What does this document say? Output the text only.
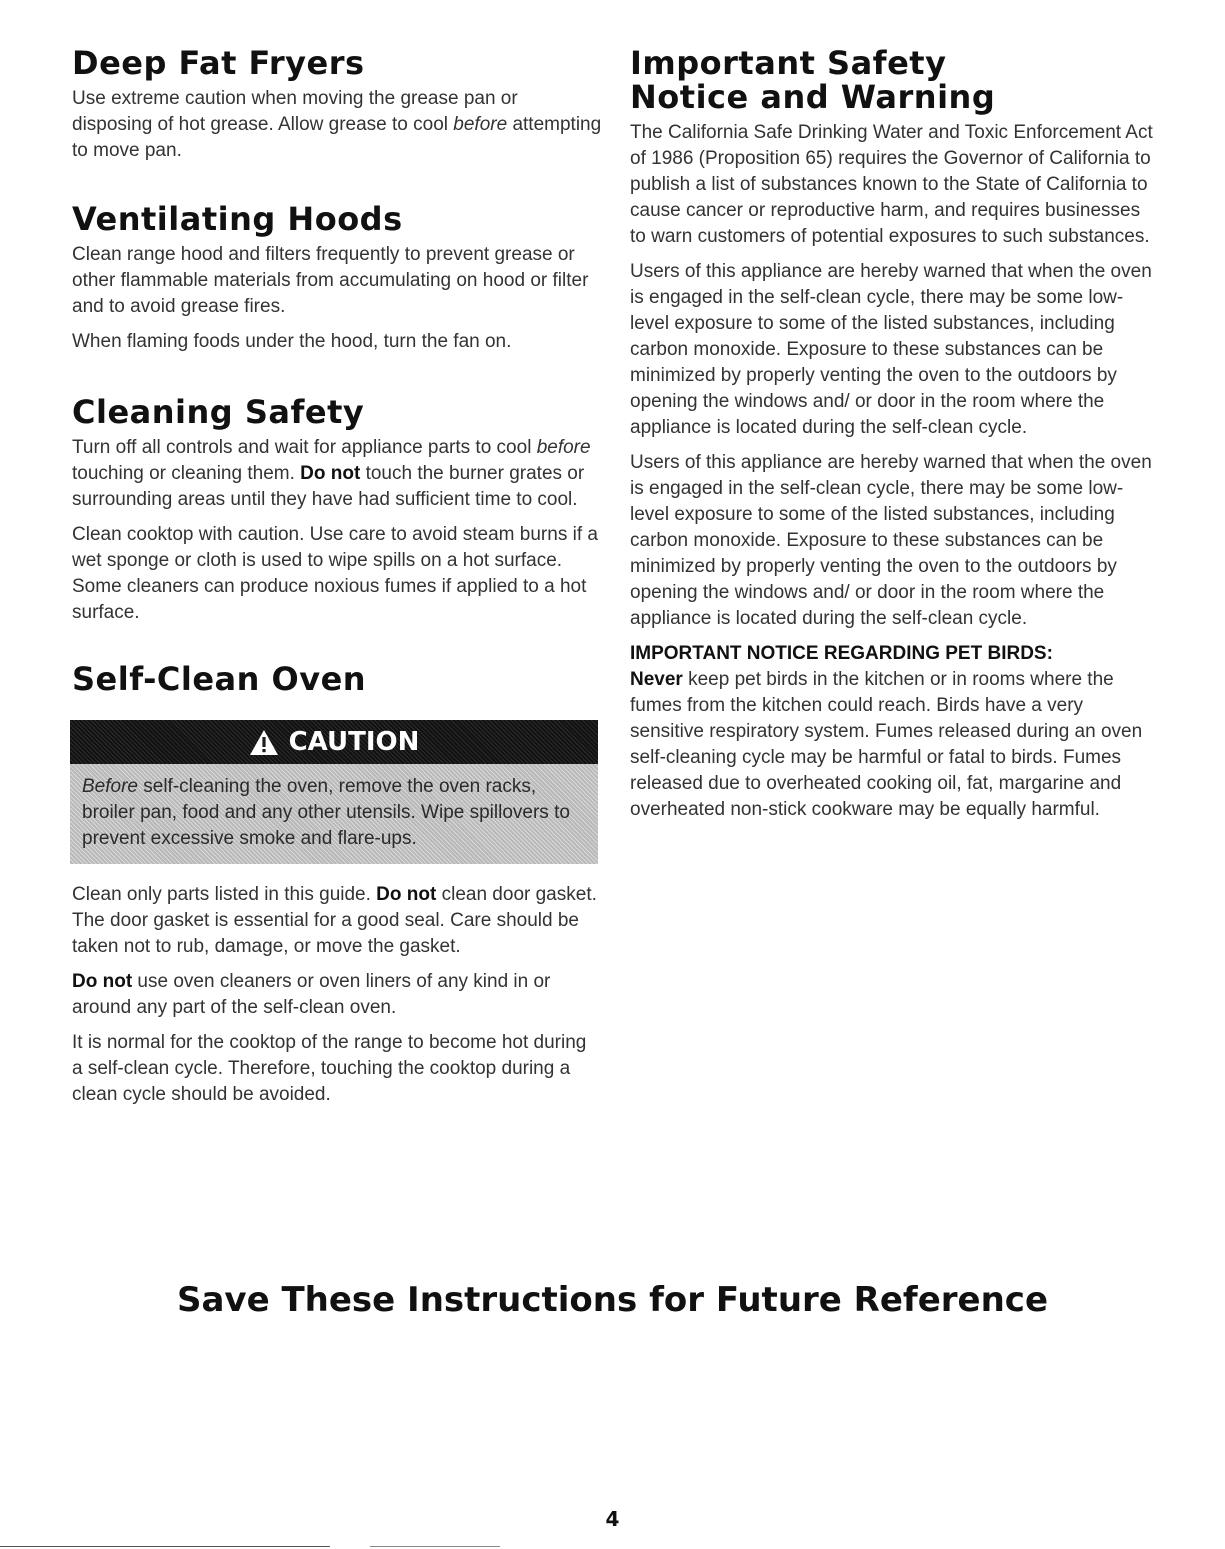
Deep Fat Fryers

Use extreme caution when moving the grease pan or disposing of hot grease. Allow grease to cool before attempting to move pan.

Ventilating Hoods

Clean range hood and filters frequently to prevent grease or other flammable materials from accumulating on hood or filter and to avoid grease fires.

When flaming foods under the hood, turn the fan on.

Cleaning Safety

Turn off all controls and wait for appliance parts to cool before touching or cleaning them. Do not touch the burner grates or surrounding areas until they have had sufficient time to cool.

Clean cooktop with caution. Use care to avoid steam burns if a wet sponge or cloth is used to wipe spills on a hot surface. Some cleaners can produce noxious fumes if applied to a hot surface.

Self-Clean Oven
CAUTION
Before self-cleaning the oven, remove the oven racks, broiler pan, food and any other utensils. Wipe spillovers to prevent excessive smoke and flare-ups.

Clean only parts listed in this guide. Do not clean door gasket. The door gasket is essential for a good seal. Care should be taken not to rub, damage, or move the gasket.

Do not use oven cleaners or oven liners of any kind in or around any part of the self-clean oven.

It is normal for the cooktop of the range to become hot during a self-clean cycle. Therefore, touching the cooktop during a clean cycle should be avoided.

Important Safety Notice and Warning

The California Safe Drinking Water and Toxic Enforcement Act of 1986 (Proposition 65) requires the Governor of California to publish a list of substances known to the State of California to cause cancer or reproductive harm, and requires businesses to warn customers of potential exposures to such substances.

Users of this appliance are hereby warned that when the oven is engaged in the self-clean cycle, there may be some low-level exposure to some of the listed substances, including carbon monoxide. Exposure to these substances can be minimized by properly venting the oven to the outdoors by opening the windows and/ or door in the room where the appliance is located during the self-clean cycle.

Users of this appliance are hereby warned that when the oven is engaged in the self-clean cycle, there may be some low-level exposure to some of the listed substances, including carbon monoxide. Exposure to these substances can be minimized by properly venting the oven to the outdoors by opening the windows and/ or door in the room where the appliance is located during the self-clean cycle.

IMPORTANT NOTICE REGARDING PET BIRDS:

Never keep pet birds in the kitchen or in rooms where the fumes from the kitchen could reach. Birds have a very sensitive respiratory system. Fumes released during an oven self-cleaning cycle may be harmful or fatal to birds. Fumes released due to overheated cooking oil, fat, margarine and overheated non-stick cookware may be equally harmful.

Save These Instructions for Future Reference
4
